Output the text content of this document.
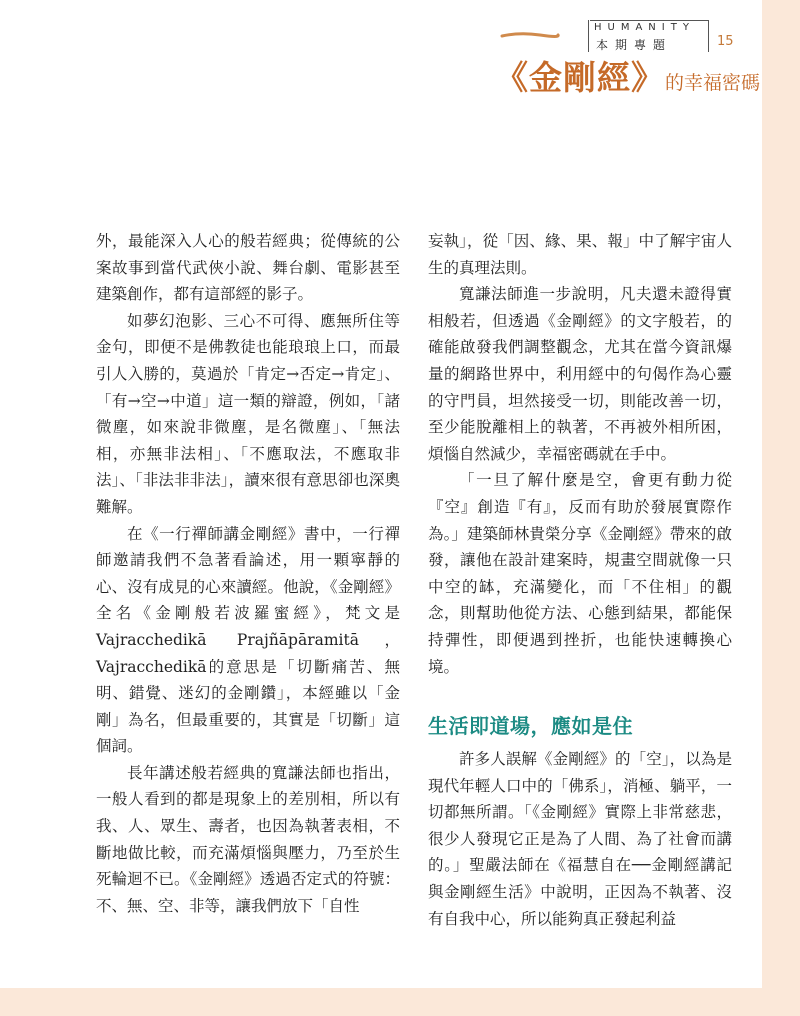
HUMANITY
本期專題	15
《金剛經》的幸福密碼

外，最能深入人心的般若經典；從傳統的公案故事到當代武俠小說、舞台劇、電影甚至建築創作，都有這部經的影子。

如夢幻泡影、三心不可得、應無所住等金句，即便不是佛教徒也能琅琅上口，而最引人入勝的，莫過於「肯定→否定→肯定」、「有→空→中道」這一類的辯證，例如，「諸微塵，如來說非微塵，是名微塵」、「無法相，亦無非法相」、「不應取法，不應取非法」、「非法非非法」，讀來很有意思卻也深奧難解。

在《一行禪師講金剛經》書中，一行禪師邀請我們不急著看論述，用一顆寧靜的心、沒有成見的心來讀經。他說，《金剛經》全名《金剛般若波羅蜜經》，梵文是 Vajracchedikā Prajñāpāramitā，Vajracchedikā的意思是「切斷痛苦、無明、錯覺、迷幻的金剛鑽」，本經雖以「金剛」為名，但最重要的，其實是「切斷」這個詞。

長年講述般若經典的寬謙法師也指出，一般人看到的都是現象上的差別相，所以有我、人、眾生、壽者，也因為執著表相，不斷地做比較，而充滿煩惱與壓力，乃至於生死輪迴不已。《金剛經》透過否定式的符號：不、無、空、非等，讓我們放下「自性

妄執」，從「因、緣、果、報」中了解宇宙人生的真理法則。

寬謙法師進一步說明，凡夫還未證得實相般若，但透過《金剛經》的文字般若，的確能啟發我們調整觀念，尤其在當今資訊爆量的網路世界中，利用經中的句偈作為心靈的守門員，坦然接受一切，則能改善一切，至少能脫離相上的執著，不再被外相所困，煩惱自然減少，幸福密碼就在手中。

「一旦了解什麼是空，會更有動力從『空』創造『有』，反而有助於發展實際作為。」建築師林貴榮分享《金剛經》帶來的啟發，讓他在設計建案時，規畫空間就像一只中空的缽，充滿變化，而「不住相」的觀念，則幫助他從方法、心態到結果，都能保持彈性，即便遇到挫折，也能快速轉換心境。

生活即道場，應如是住

許多人誤解《金剛經》的「空」，以為是現代年輕人口中的「佛系」，消極、躺平，一切都無所謂。「《金剛經》實際上非常慈悲，很少人發現它正是為了人間、為了社會而講的。」聖嚴法師在《福慧自在──金剛經講記與金剛經生活》中說明，正因為不執著、沒有自我中心，所以能夠真正發起利益
